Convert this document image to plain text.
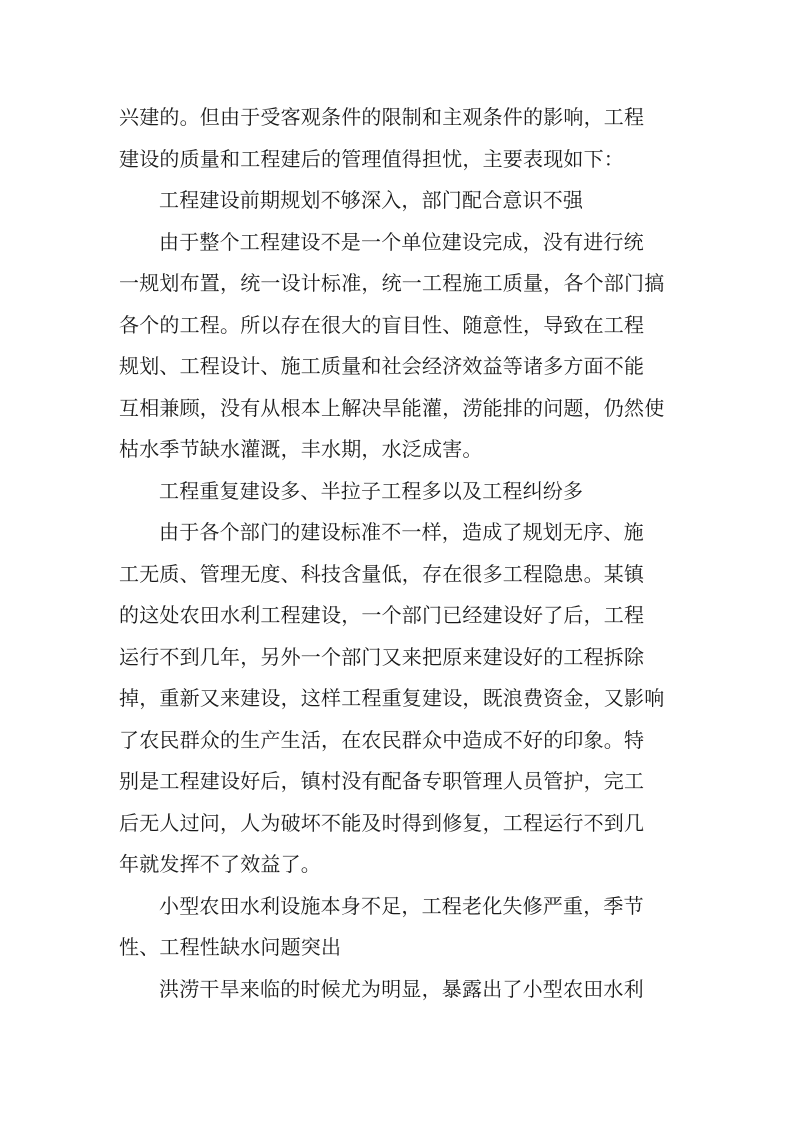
兴建的。但由于受客观条件的限制和主观条件的影响，工程
建设的质量和工程建后的管理值得担忧，主要表现如下：

工程建设前期规划不够深入，部门配合意识不强

由于整个工程建设不是一个单位建设完成，没有进行统
一规划布置，统一设计标准，统一工程施工质量，各个部门搞
各个的工程。所以存在很大的盲目性、随意性，导致在工程
规划、工程设计、施工质量和社会经济效益等诸多方面不能
互相兼顾，没有从根本上解决旱能灌，涝能排的问题，仍然使
枯水季节缺水灌溉，丰水期，水泛成害。

工程重复建设多、半拉子工程多以及工程纠纷多

由于各个部门的建设标准不一样，造成了规划无序、施
工无质、管理无度、科技含量低，存在很多工程隐患。某镇
的这处农田水利工程建设，一个部门已经建设好了后，工程
运行不到几年，另外一个部门又来把原来建设好的工程拆除
掉，重新又来建设，这样工程重复建设，既浪费资金，又影响
了农民群众的生产生活，在农民群众中造成不好的印象。特
别是工程建设好后，镇村没有配备专职管理人员管护，完工
后无人过问，人为破坏不能及时得到修复，工程运行不到几
年就发挥不了效益了。

小型农田水利设施本身不足，工程老化失修严重，季节
性、工程性缺水问题突出

洪涝干旱来临的时候尤为明显，暴露出了小型农田水利
